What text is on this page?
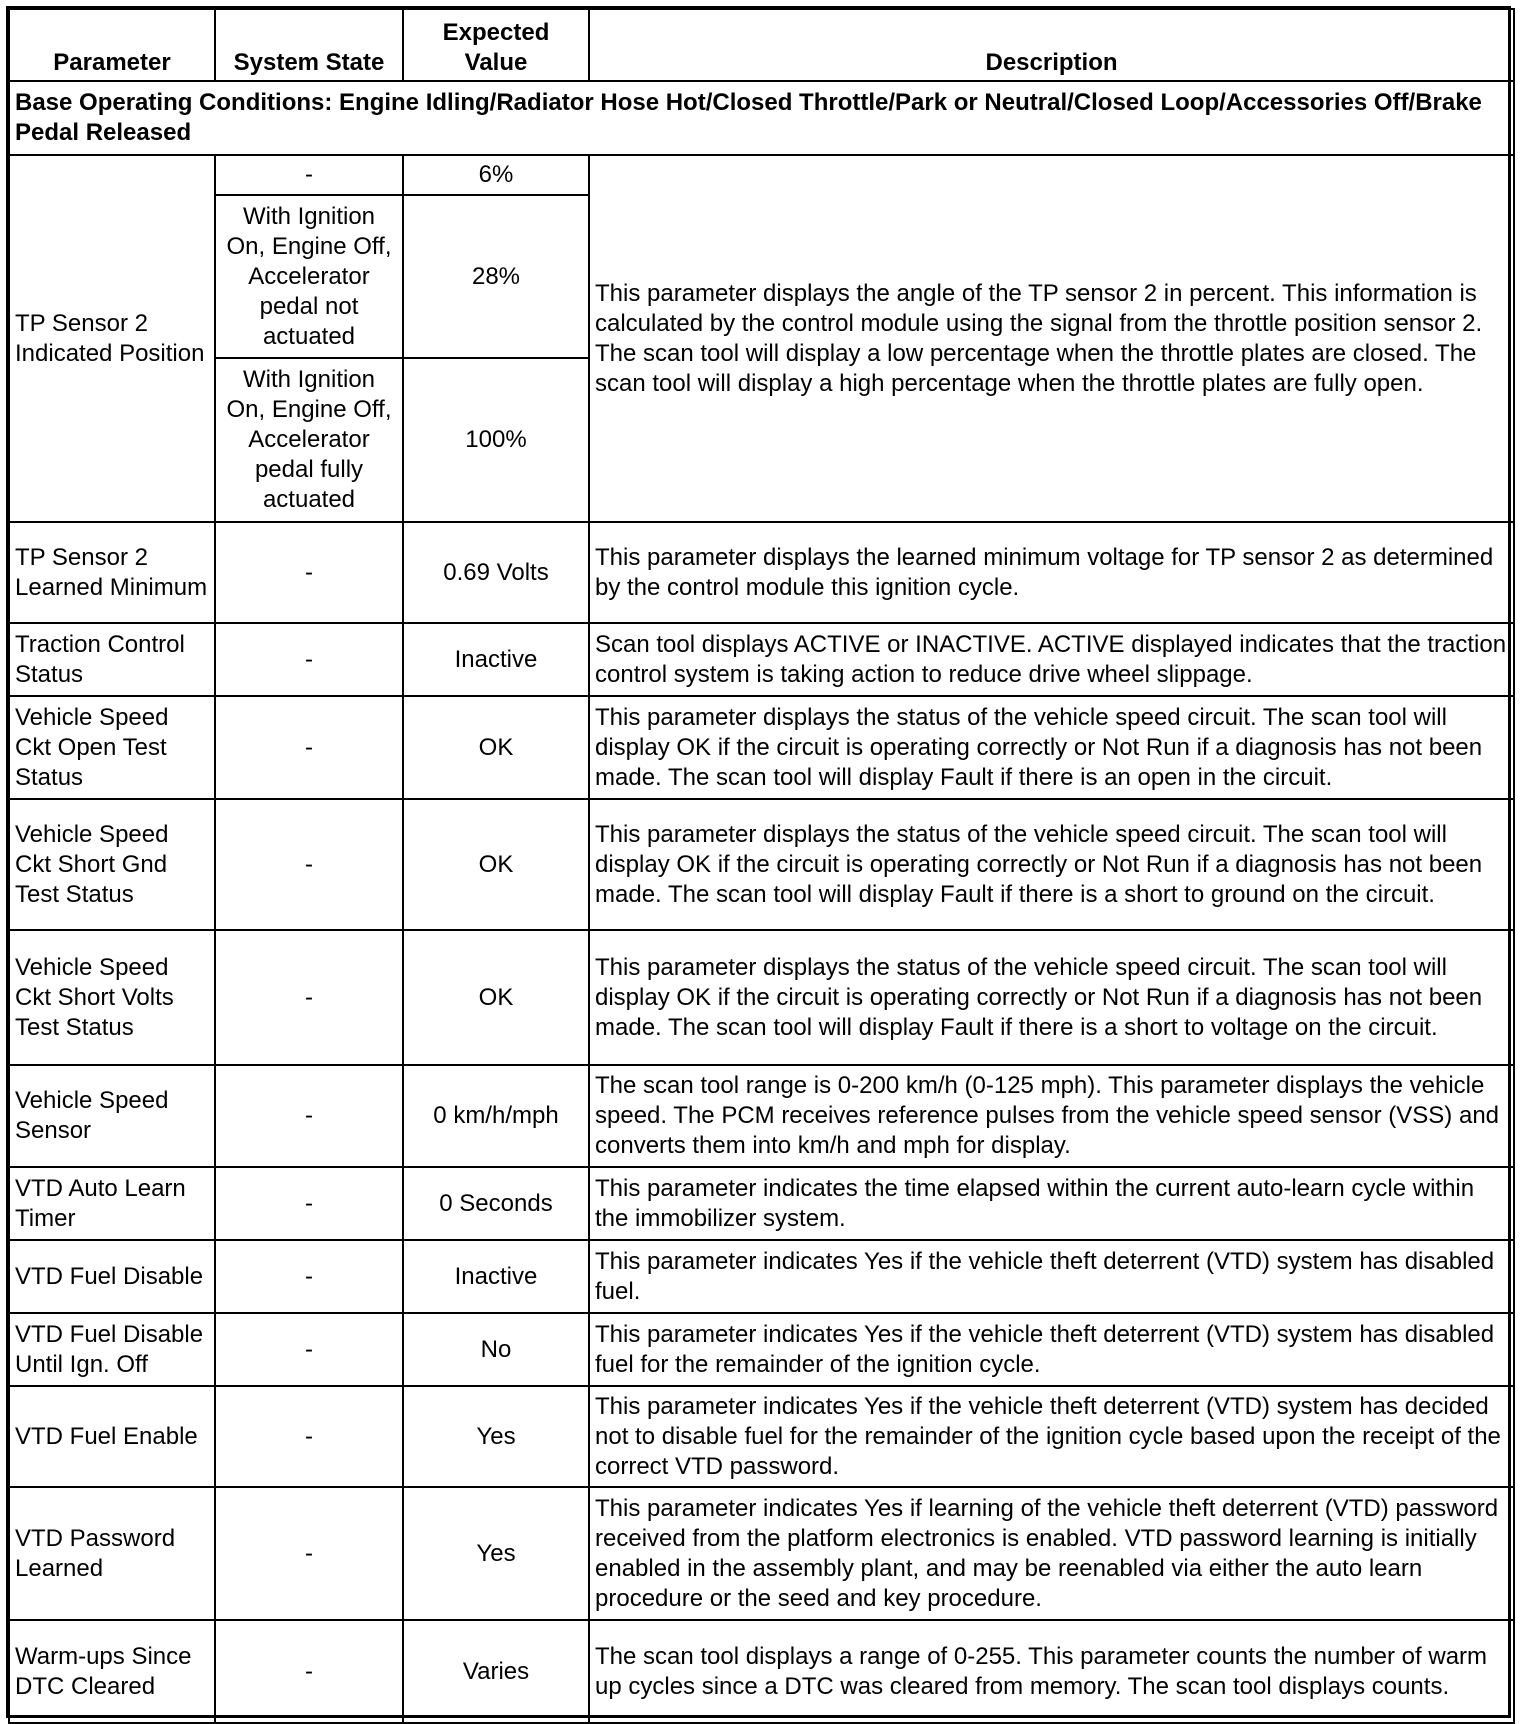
Parameter	System State	Expected Value	Description
Base Operating Conditions: Engine Idling/Radiator Hose Hot/Closed Throttle/Park or Neutral/Closed Loop/Accessories Off/Brake Pedal Released			
TP Sensor 2 Indicated Position	-	6%	This parameter displays the angle of the TP sensor 2 in percent. This information is calculated by the control module using the signal from the throttle position sensor 2. The scan tool will display a low percentage when the throttle plates are closed. The scan tool will display a high percentage when the throttle plates are fully open.
	With Ignition On, Engine Off, Accelerator pedal not actuated	28%	
	With Ignition On, Engine Off, Accelerator pedal fully actuated	100%	
TP Sensor 2 Learned Minimum	-	0.69 Volts	This parameter displays the learned minimum voltage for TP sensor 2 as determined by the control module this ignition cycle.
Traction Control Status	-	Inactive	Scan tool displays ACTIVE or INACTIVE. ACTIVE displayed indicates that the traction control system is taking action to reduce drive wheel slippage.
Vehicle Speed Ckt Open Test Status	-	OK	This parameter displays the status of the vehicle speed circuit. The scan tool will display OK if the circuit is operating correctly or Not Run if a diagnosis has not been made. The scan tool will display Fault if there is an open in the circuit.
Vehicle Speed Ckt Short Gnd Test Status	-	OK	This parameter displays the status of the vehicle speed circuit. The scan tool will display OK if the circuit is operating correctly or Not Run if a diagnosis has not been made. The scan tool will display Fault if there is a short to ground on the circuit.
Vehicle Speed Ckt Short Volts Test Status	-	OK	This parameter displays the status of the vehicle speed circuit. The scan tool will display OK if the circuit is operating correctly or Not Run if a diagnosis has not been made. The scan tool will display Fault if there is a short to voltage on the circuit.
Vehicle Speed Sensor	-	0 km/h/mph	The scan tool range is 0-200 km/h (0-125 mph). This parameter displays the vehicle speed. The PCM receives reference pulses from the vehicle speed sensor (VSS) and converts them into km/h and mph for display.
VTD Auto Learn Timer	-	0 Seconds	This parameter indicates the time elapsed within the current auto-learn cycle within the immobilizer system.
VTD Fuel Disable	-	Inactive	This parameter indicates Yes if the vehicle theft deterrent (VTD) system has disabled fuel.
VTD Fuel Disable Until Ign. Off	-	No	This parameter indicates Yes if the vehicle theft deterrent (VTD) system has disabled fuel for the remainder of the ignition cycle.
VTD Fuel Enable	-	Yes	This parameter indicates Yes if the vehicle theft deterrent (VTD) system has decided not to disable fuel for the remainder of the ignition cycle based upon the receipt of the correct VTD password.
VTD Password Learned	-	Yes	This parameter indicates Yes if learning of the vehicle theft deterrent (VTD) password received from the platform electronics is enabled. VTD password learning is initially enabled in the assembly plant, and may be reenabled via either the auto learn procedure or the seed and key procedure.
Warm-ups Since DTC Cleared	-	Varies	The scan tool displays a range of 0-255. This parameter counts the number of warm up cycles since a DTC was cleared from memory. The scan tool displays counts.
